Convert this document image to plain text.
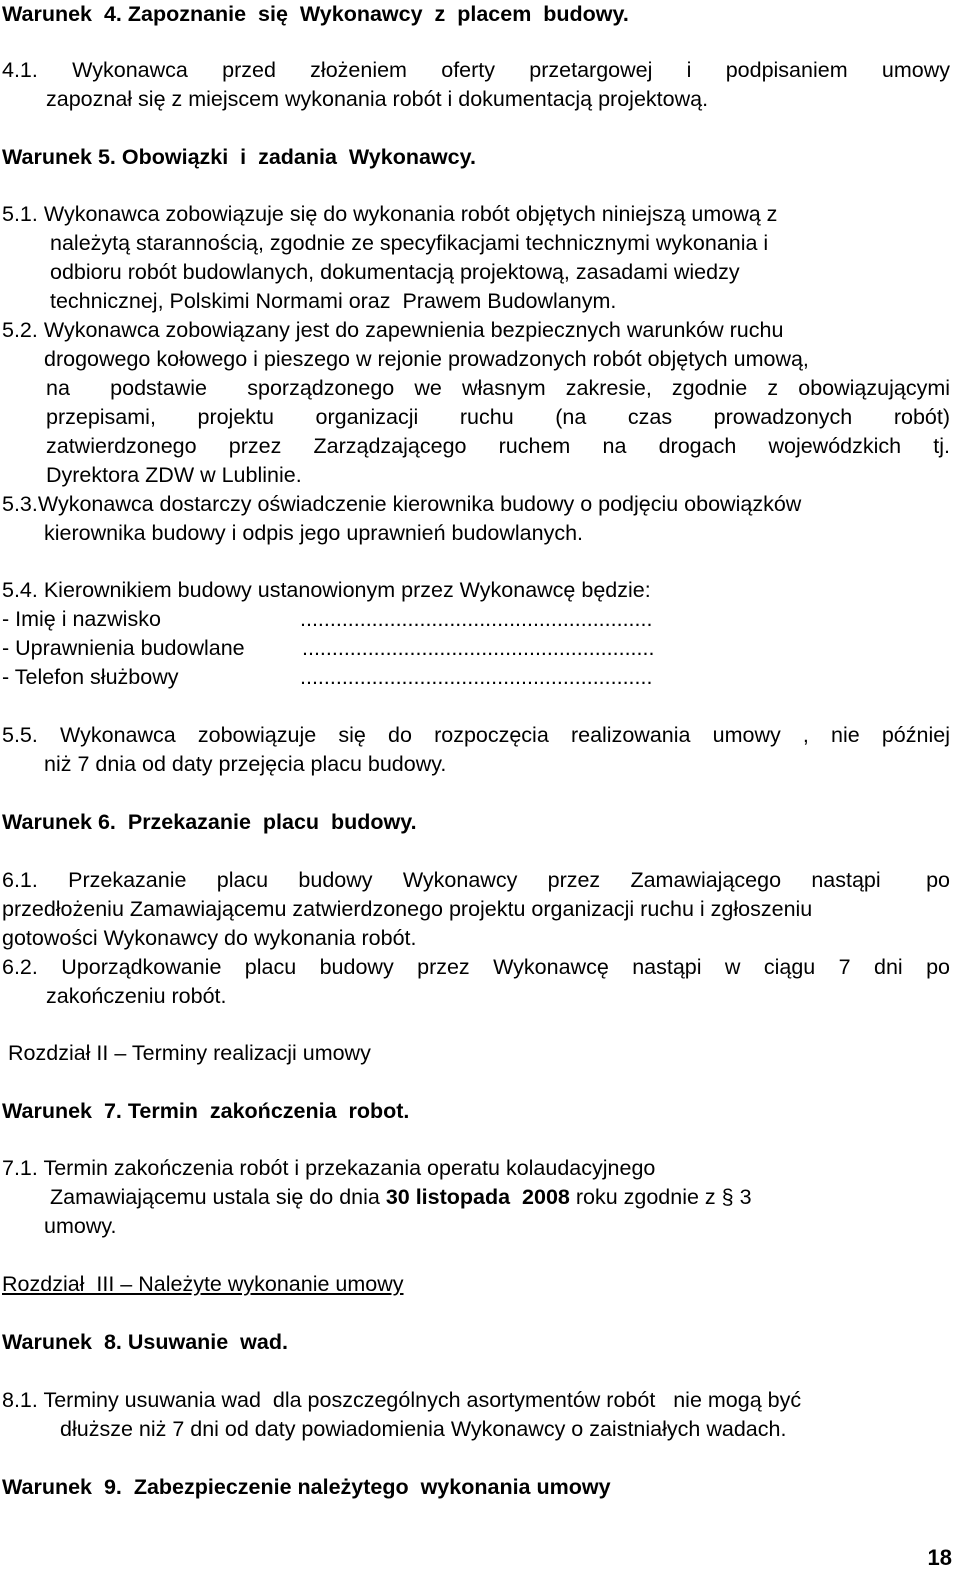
Warunek  4. Zapoznanie  się  Wykonawcy  z  placem  budowy.
4.1.  Wykonawca  przed  złożeniem  oferty  przetargowej  i  podpisaniem  umowy
zapoznał się z miejscem wykonania robót i dokumentacją projektową.
Warunek 5. Obowiązki  i  zadania  Wykonawcy.
5.1. Wykonawca zobowiązuje się do wykonania robót objętych niniejszą umową z
należytą starannością, zgodnie ze specyfikacjami technicznymi wykonania i
odbioru robót budowlanych, dokumentacją projektową, zasadami wiedzy
technicznej, Polskimi Normami oraz  Prawem Budowlanym.
5.2. Wykonawca zobowiązany jest do zapewnienia bezpiecznych warunków ruchu
drogowego kołowego i pieszego w rejonie prowadzonych robót objętych umową,
na  podstawie  sporządzonego we własnym zakresie, zgodnie z obowiązującymi
przepisami,  projektu  organizacji  ruchu  (na  czas  prowadzonych  robót)
zatwierdzonego  przez  Zarządzającego  ruchem  na  drogach  wojewódzkich  tj.
Dyrektora ZDW w Lublinie.
5.3.Wykonawca dostarczy oświadczenie kierownika budowy o podjęciu obowiązków
kierownika budowy i odpis jego uprawnień budowlanych.
5.4. Kierownikiem budowy ustanowionym przez Wykonawcę będzie:
- Imię i nazwisko	...........................................................
- Uprawnienia budowlane	...........................................................
- Telefon służbowy	...........................................................
5.5. Wykonawca zobowiązuje się do rozpoczęcia realizowania umowy , nie później
niż 7 dnia od daty przejęcia placu budowy.
Warunek 6.  Przekazanie  placu  budowy.
6.1.  Przekazanie  placu  budowy  Wykonawcy  przez  Zamawiającego  nastąpi   po
przedłożeniu Zamawiającemu zatwierdzonego projektu organizacji ruchu i zgłoszeniu
gotowości Wykonawcy do wykonania robót.
6.2.  Uporządkowanie  placu  budowy  przez  Wykonawcę  nastąpi  w  ciągu  7  dni  po
zakończeniu robót.
Rozdział II – Terminy realizacji umowy
Warunek  7. Termin  zakończenia  robot.
7.1. Termin zakończenia robót i przekazania operatu kolaudacyjnego
Zamawiającemu ustala się do dnia 30 listopada  2008 roku zgodnie z § 3
umowy.
Rozdział  III – Należyte wykonanie umowy
Warunek  8. Usuwanie  wad.
8.1. Terminy usuwania wad  dla poszczególnych asortymentów robót   nie mogą być
dłuższe niż 7 dni od daty powiadomienia Wykonawcy o zaistniałych wadach.
Warunek  9.  Zabezpieczenie należytego  wykonania umowy
18
